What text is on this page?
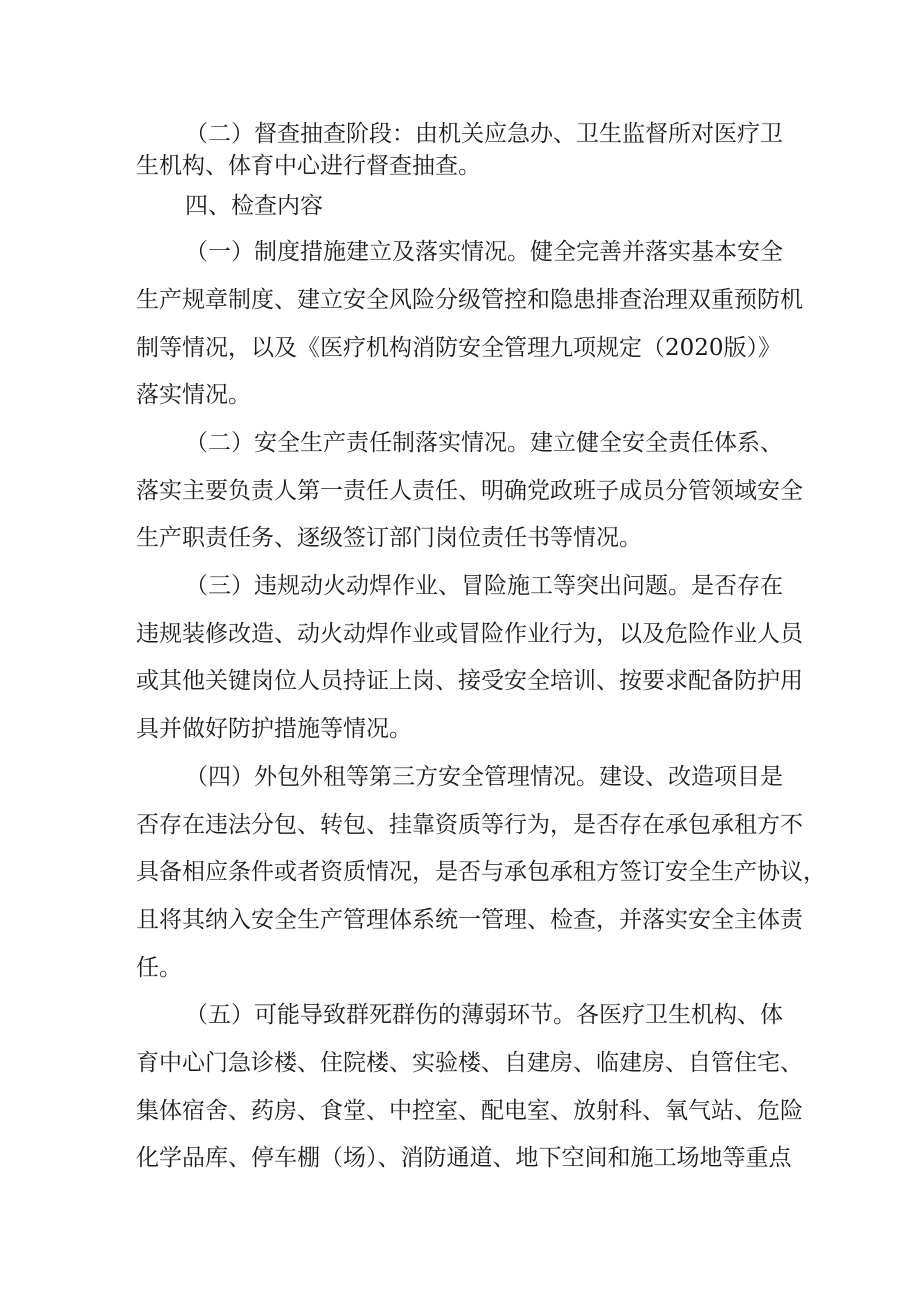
（二）督查抽查阶段：由机关应急办、卫生监督所对医疗卫
生机构、体育中心进行督查抽查。
四、检查内容
（一）制度措施建立及落实情况。健全完善并落实基本安全
生产规章制度、建立安全风险分级管控和隐患排查治理双重预防机
制等情况，以及《医疗机构消防安全管理九项规定（2020版）》
落实情况。
（二）安全生产责任制落实情况。建立健全安全责任体系、
落实主要负责人第一责任人责任、明确党政班子成员分管领域安全
生产职责任务、逐级签订部门岗位责任书等情况。
（三）违规动火动焊作业、冒险施工等突出问题。是否存在
违规装修改造、动火动焊作业或冒险作业行为，以及危险作业人员
或其他关键岗位人员持证上岗、接受安全培训、按要求配备防护用
具并做好防护措施等情况。
（四）外包外租等第三方安全管理情况。建设、改造项目是
否存在违法分包、转包、挂靠资质等行为，是否存在承包承租方不
具备相应条件或者资质情况，是否与承包承租方签订安全生产协议，
且将其纳入安全生产管理体系统一管理、检查，并落实安全主体责
任。
（五）可能导致群死群伤的薄弱环节。各医疗卫生机构、体
育中心门急诊楼、住院楼、实验楼、自建房、临建房、自管住宅、
集体宿舍、药房、食堂、中控室、配电室、放射科、氧气站、危险
化学品库、停车棚（场）、消防通道、地下空间和施工场地等重点
